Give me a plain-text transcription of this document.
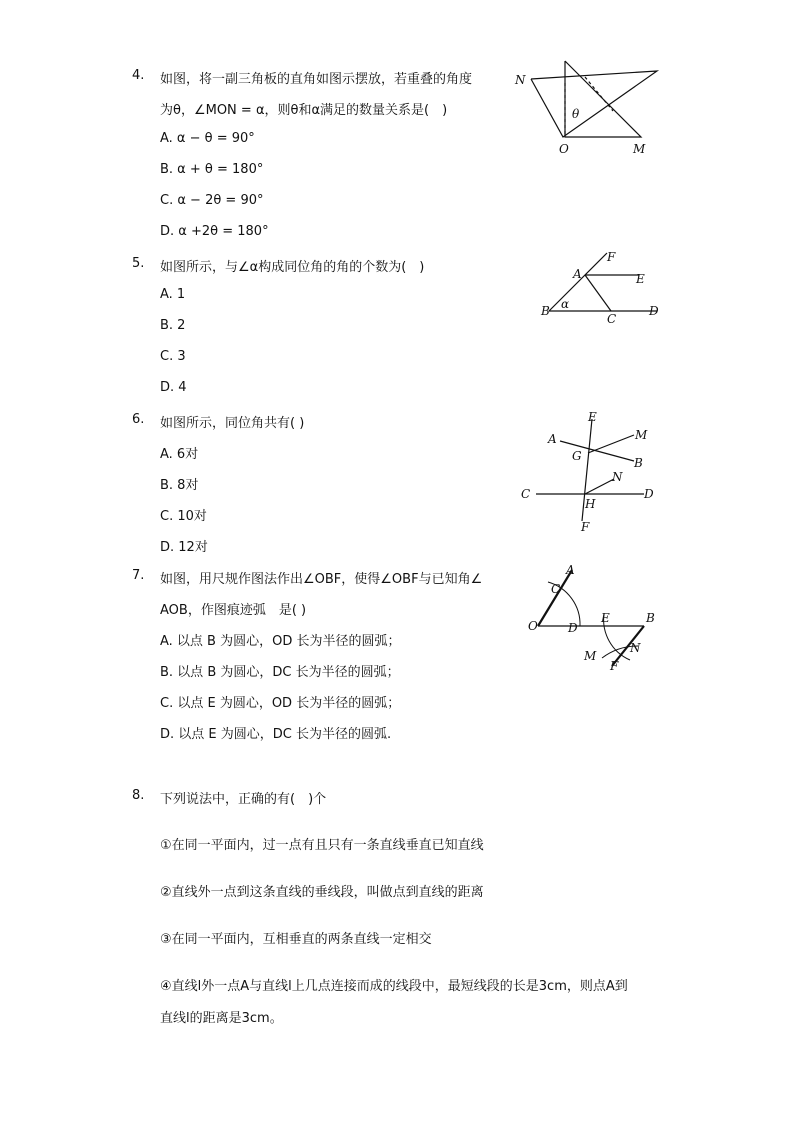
4. 如图，将一副三角板的直角如图示摆放，若重叠的角度
为θ，∠MON = α，则θ和α满足的数量关系是(　)
A. α − θ = 90°
B. α + θ = 180°
C. α − 2θ = 90°
D. α +2θ = 180°
N
O	M
θ
5. 如图所示，与∠α构成同位角的角的个数为(　)
A. 1
B. 2
C. 3
D. 4
F
A	E
B α
C
D
6. 如图所示，同位角共有( )
A. 6对
B. 8对
C. 10对
D. 12对
E
A	M
G	B
N
C
H
D
F
7. 如图，用尺规作图法作出∠OBF，使得∠OBF与已知角∠
AOB，作图痕迹弧　是( )
A. 以点 B 为圆心，OD 长为半径的圆弧；
B. 以点 B 为圆心，DC 长为半径的圆弧；
C. 以点 E 为圆心，OD 长为半径的圆弧；
D. 以点 E 为圆心，DC 长为半径的圆弧.
A
C
O	D
E	B
M
N
F
8. 下列说法中，正确的有(　)个
①在同一平面内，过一点有且只有一条直线垂直已知直线
②直线外一点到这条直线的垂线段，叫做点到直线的距离
③在同一平面内，互相垂直的两条直线一定相交
④直线l外一点A与直线l上几点连接而成的线段中，最短线段的长是3cm，则点A到
直线l的距离是3cm。
